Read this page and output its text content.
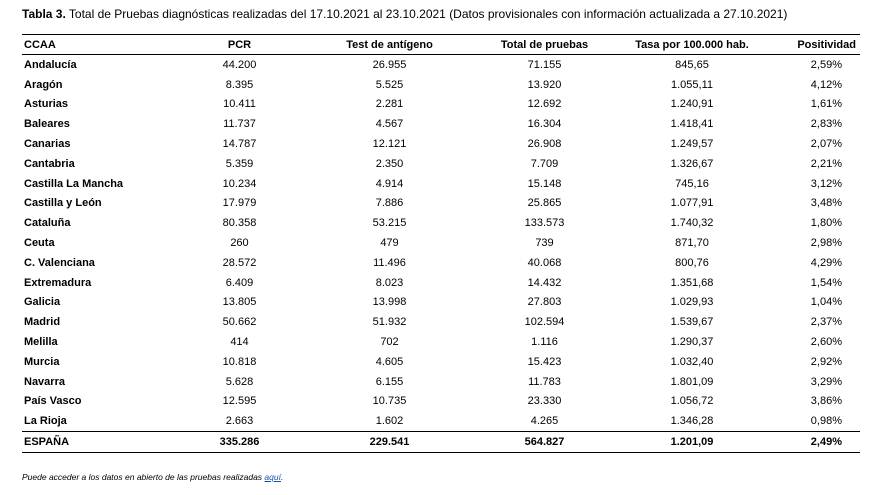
Tabla 3. Total de Pruebas diagnósticas realizadas del 17.10.2021 al 23.10.2021 (Datos provisionales con información actualizada a 27.10.2021)
CCAA	PCR	Test de antígeno	Total de pruebas	Tasa por 100.000 hab.	Positividad
Andalucía	44.200	26.955	71.155	845,65	2,59%
Aragón	8.395	5.525	13.920	1.055,11	4,12%
Asturias	10.411	2.281	12.692	1.240,91	1,61%
Baleares	11.737	4.567	16.304	1.418,41	2,83%
Canarias	14.787	12.121	26.908	1.249,57	2,07%
Cantabria	5.359	2.350	7.709	1.326,67	2,21%
Castilla La Mancha	10.234	4.914	15.148	745,16	3,12%
Castilla y León	17.979	7.886	25.865	1.077,91	3,48%
Cataluña	80.358	53.215	133.573	1.740,32	1,80%
Ceuta	260	479	739	871,70	2,98%
C. Valenciana	28.572	11.496	40.068	800,76	4,29%
Extremadura	6.409	8.023	14.432	1.351,68	1,54%
Galicia	13.805	13.998	27.803	1.029,93	1,04%
Madrid	50.662	51.932	102.594	1.539,67	2,37%
Melilla	414	702	1.116	1.290,37	2,60%
Murcia	10.818	4.605	15.423	1.032,40	2,92%
Navarra	5.628	6.155	11.783	1.801,09	3,29%
País Vasco	12.595	10.735	23.330	1.056,72	3,86%
La Rioja	2.663	1.602	4.265	1.346,28	0,98%
ESPAÑA	335.286	229.541	564.827	1.201,09	2,49%
Puede acceder a los datos en abierto de las pruebas realizadas aquí.
